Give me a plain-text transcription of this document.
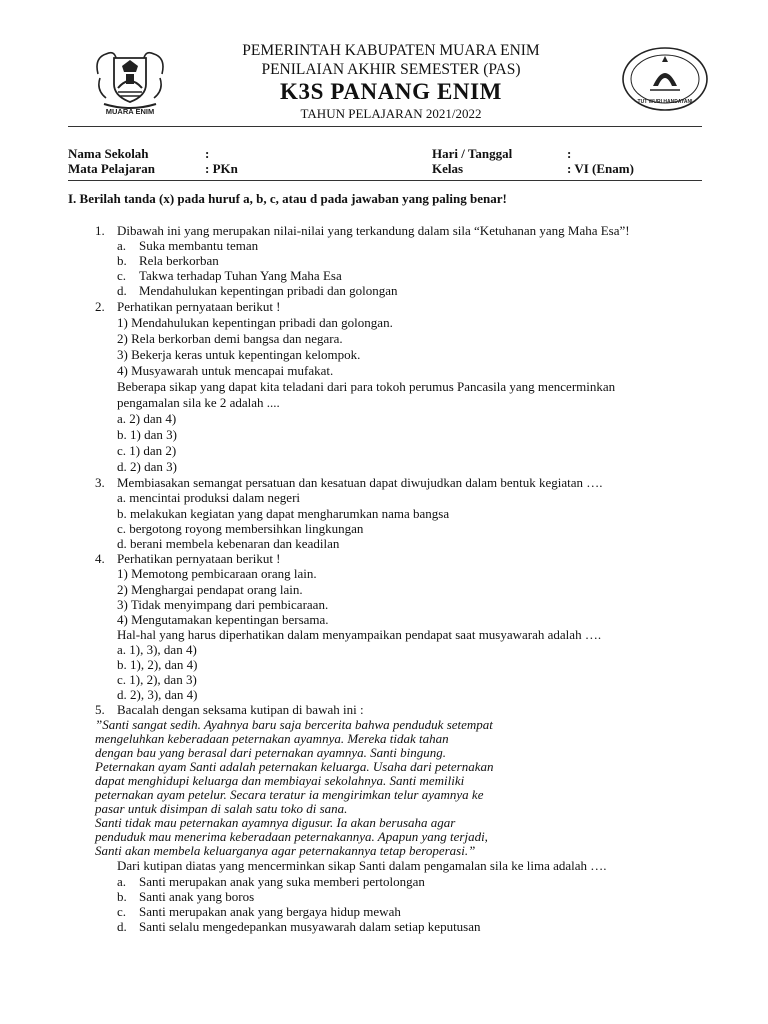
MUARA ENIM
TUT WURI HANDAYANI
PEMERINTAH KABUPATEN MUARA ENIM
PENILAIAN AKHIR SEMESTER (PAS)
K3S PANANG ENIM
TAHUN PELAJARAN 2021/2022
Nama Sekolah	:	Hari / Tanggal	:
Mata Pelajaran	: PKn	Kelas	: VI (Enam)
I. Berilah tanda (x) pada huruf a, b, c, atau d pada jawaban yang paling benar!
1. Dibawah ini yang merupakan nilai-nilai yang terkandung dalam sila “Ketuhanan yang Maha Esa”!
a. Suka membantu teman
b. Rela berkorban
c. Takwa terhadap Tuhan Yang Maha Esa
d. Mendahulukan kepentingan pribadi dan golongan
2. Perhatikan pernyataan berikut !
1) Mendahulukan kepentingan pribadi dan golongan.
2) Rela berkorban demi bangsa dan negara.
3) Bekerja keras untuk kepentingan kelompok.
4) Musyawarah untuk mencapai mufakat.
Beberapa sikap yang dapat kita teladani dari para tokoh perumus Pancasila yang mencerminkan
pengamalan sila ke 2 adalah ....
a. 2) dan 4)
b. 1) dan 3)
c. 1) dan 2)
d. 2) dan 3)
3. Membiasakan semangat persatuan dan kesatuan dapat diwujudkan dalam bentuk kegiatan ….
a. mencintai produksi dalam negeri
b. melakukan kegiatan yang dapat mengharumkan nama bangsa
c. bergotong royong membersihkan lingkungan
d. berani membela kebenaran dan keadilan
4. Perhatikan pernyataan berikut !
1) Memotong pembicaraan orang lain.
2) Menghargai pendapat orang lain.
3) Tidak menyimpang dari pembicaraan.
4) Mengutamakan kepentingan bersama.
Hal-hal yang harus diperhatikan dalam menyampaikan pendapat saat musyawarah adalah ….
a. 1), 3), dan 4)
b. 1), 2), dan 4)
c. 1), 2), dan 3)
d. 2), 3), dan 4)
5. Bacalah dengan seksama kutipan di bawah ini :
”Santi sangat sedih. Ayahnya baru saja bercerita bahwa penduduk setempat
mengeluhkan keberadaan peternakan ayamnya. Mereka tidak tahan
dengan bau yang berasal dari peternakan ayamnya. Santi bingung.
Peternakan ayam Santi adalah peternakan keluarga. Usaha dari peternakan
dapat menghidupi keluarga dan membiayai sekolahnya. Santi memiliki
peternakan ayam petelur. Secara teratur ia mengirimkan telur ayamnya ke
pasar untuk disimpan di salah satu toko di sana.
Santi tidak mau peternakan ayamnya digusur. Ia akan berusaha agar
penduduk mau menerima keberadaan peternakannya. Apapun yang terjadi,
Santi akan membela keluarganya agar peternakannya tetap beroperasi.”
Dari kutipan diatas yang mencerminkan sikap Santi dalam pengamalan sila ke lima adalah ….
a. Santi merupakan anak yang suka memberi pertolongan
b. Santi anak yang boros
c. Santi merupakan anak yang bergaya hidup mewah
d. Santi selalu mengedepankan musyawarah dalam setiap keputusan
